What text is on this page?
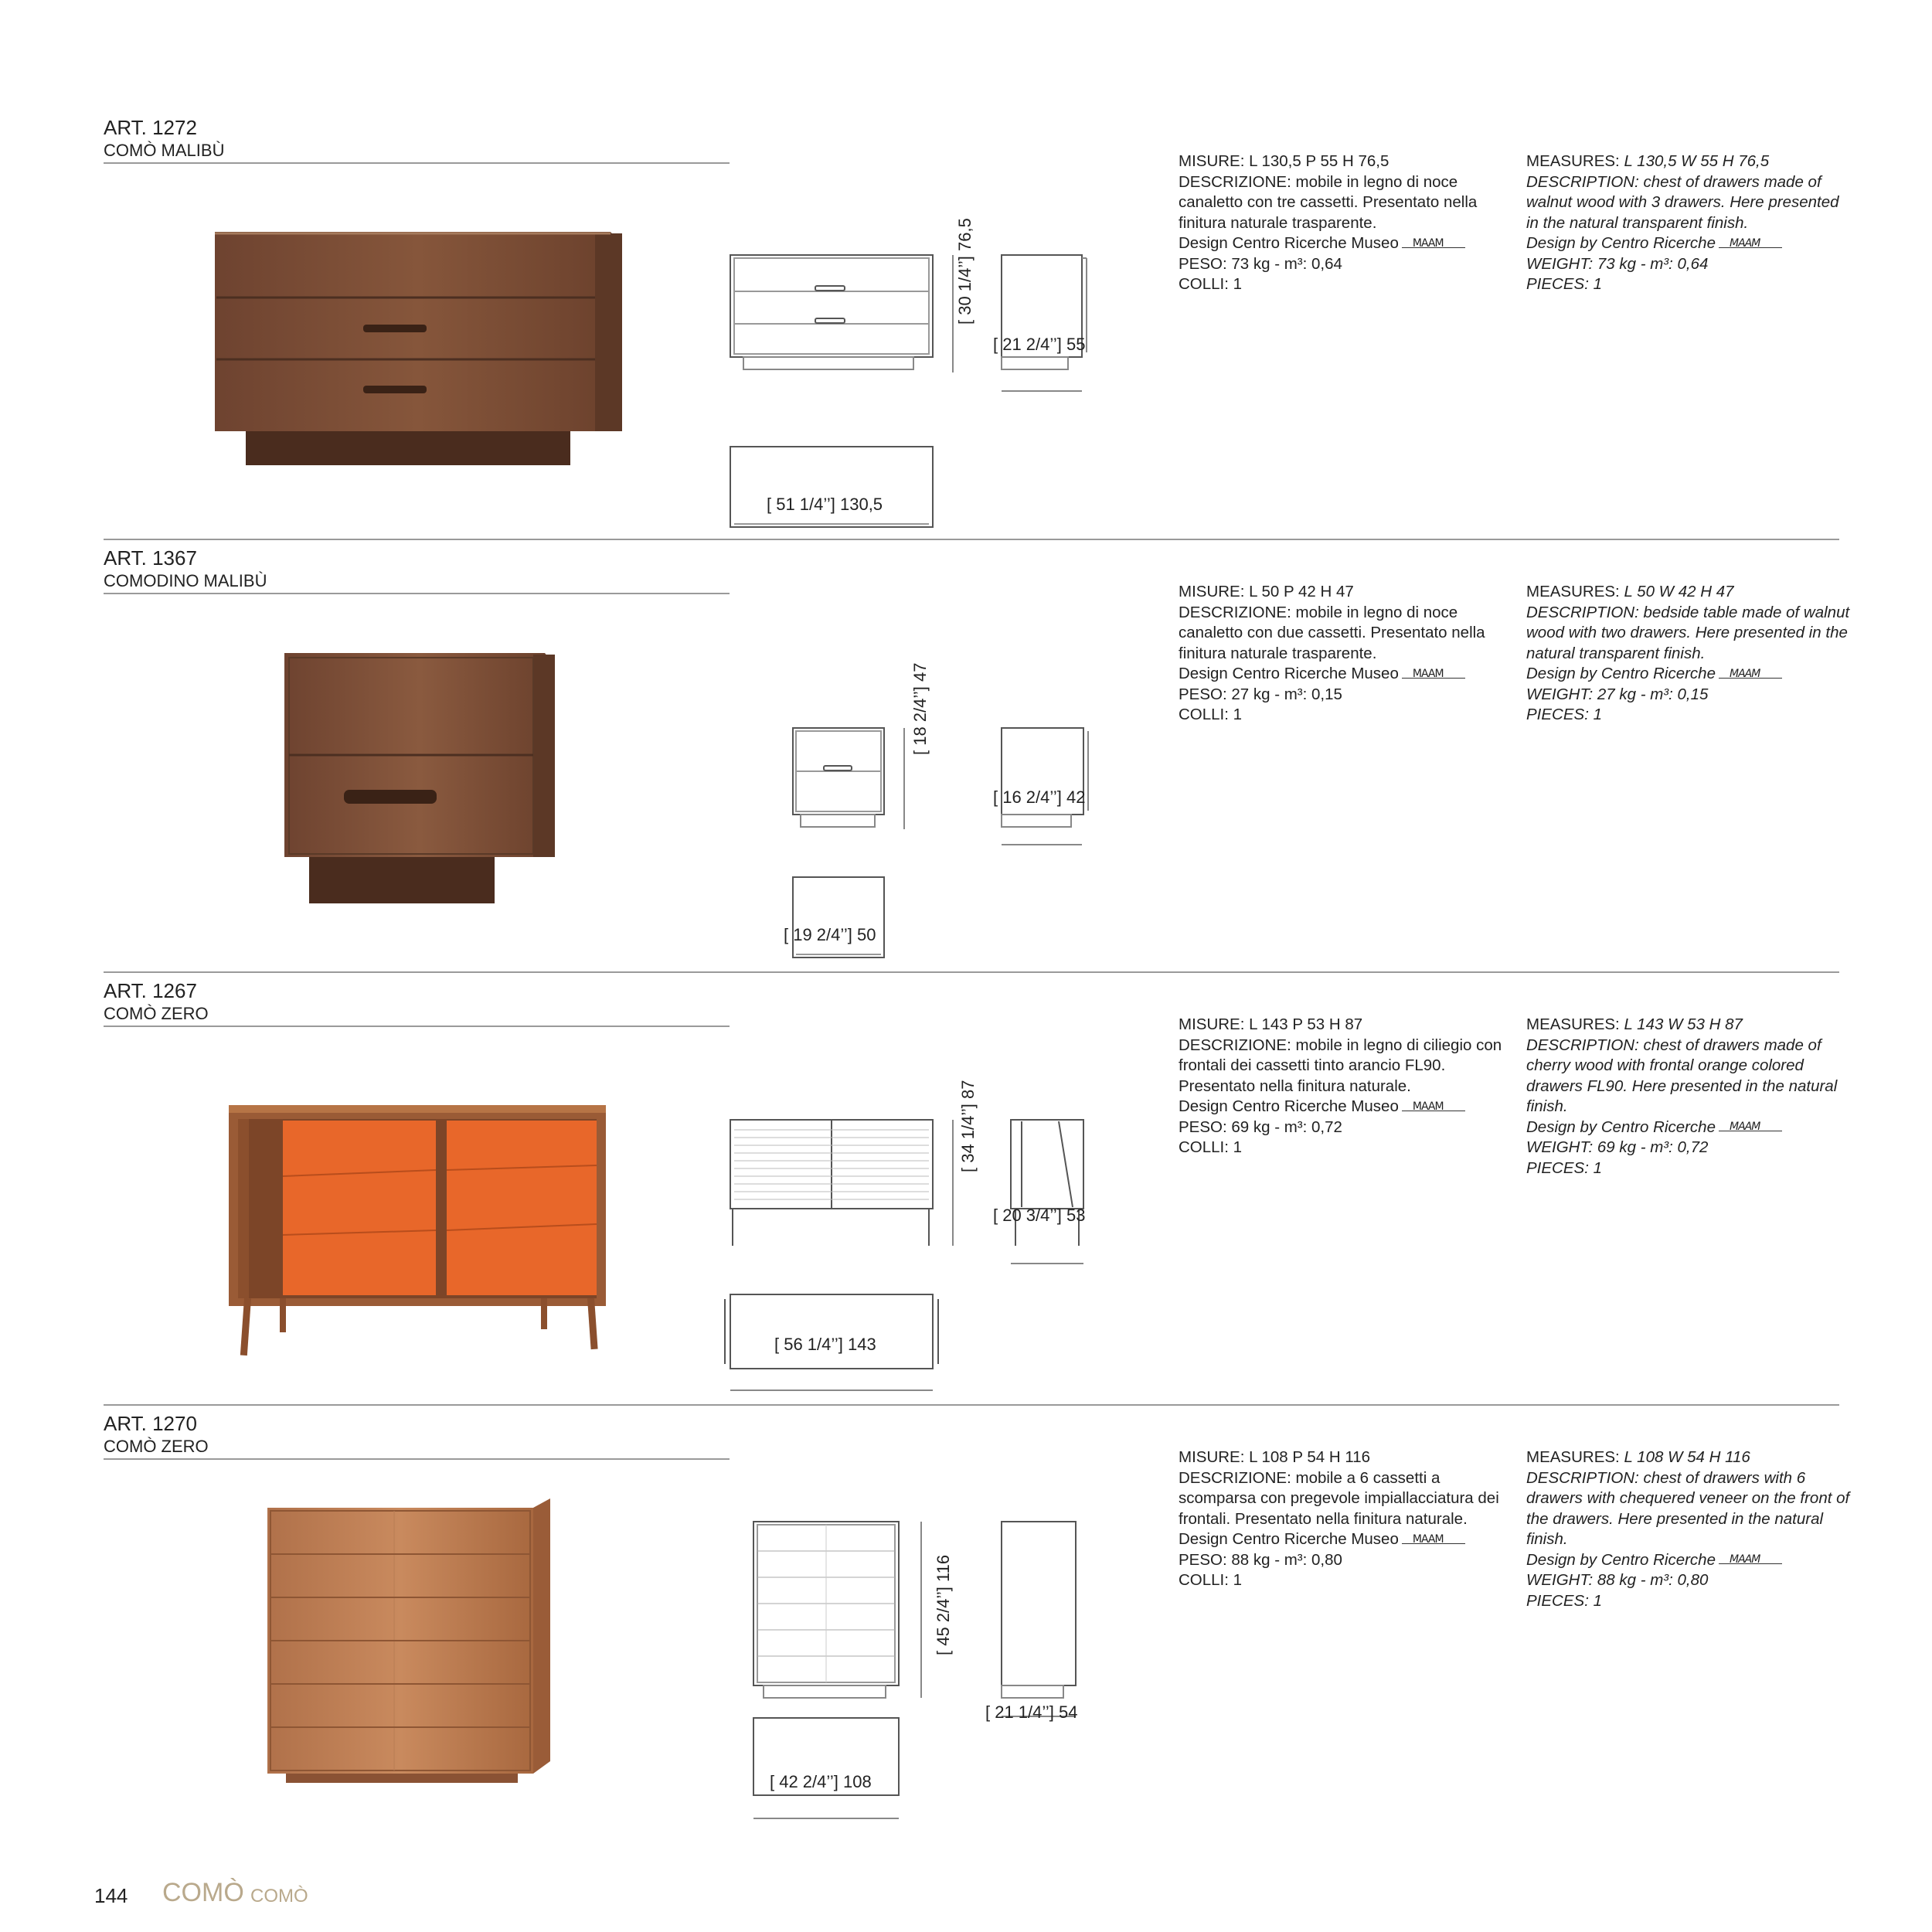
ART. 1272
COMÒ MALIBÙ
[ 30 1/4’’] 76,5
[ 21 2/4’’] 55
[ 51 1/4’’] 130,5

MISURE: L 130,5 P 55 H 76,5

DESCRIZIONE: mobile in legno di noce canaletto con tre cassetti. Presentato nella finitura naturale trasparente.

Design Centro Ricerche Museo MAAM

PESO: 73 kg - m³: 0,64

COLLI: 1

MEASURES: L 130,5 W 55 H 76,5

DESCRIPTION: chest of drawers made of walnut wood with 3 drawers. Here presented in the natural transparent finish.

Design by Centro Ricerche MAAM

WEIGHT: 73 kg - m³: 0,64

PIECES: 1

ART. 1367
COMODINO MALIBÙ
[ 18 2/4’’] 47
[ 16 2/4’’] 42
[ 19 2/4’’] 50

MISURE: L 50 P 42 H 47

DESCRIZIONE: mobile in legno di noce canaletto con due cassetti. Presentato nella finitura naturale trasparente.

Design Centro Ricerche Museo MAAM

PESO: 27 kg - m³: 0,15

COLLI: 1

MEASURES: L 50 W 42 H 47

DESCRIPTION: bedside table made of walnut wood with two drawers. Here presented in the natural transparent finish.

Design by Centro Ricerche MAAM

WEIGHT: 27 kg - m³: 0,15

PIECES: 1

ART. 1267
COMÒ ZERO
[ 34 1/4’’] 87
[ 20 3/4’’] 53
[ 56 1/4’’] 143

MISURE: L 143 P 53 H 87

DESCRIZIONE: mobile in legno di ciliegio con frontali dei cassetti tinto arancio FL90. Presentato nella finitura naturale.

Design Centro Ricerche Museo MAAM

PESO: 69 kg - m³: 0,72

COLLI: 1

MEASURES: L 143 W 53 H 87

DESCRIPTION: chest of drawers made of cherry wood with frontal orange colored drawers FL90. Here presented in the natural finish.

Design by Centro Ricerche MAAM

WEIGHT: 69 kg - m³: 0,72

PIECES: 1

ART. 1270
COMÒ ZERO
[ 45 2/4’’] 116
[ 21 1/4’’] 54
[ 42 2/4’’] 108

MISURE: L 108 P 54 H 116

DESCRIZIONE: mobile a 6 cassetti a scomparsa con pregevole impiallacciatura dei frontali. Presentato nella finitura naturale.

Design Centro Ricerche Museo MAAM

PESO: 88 kg - m³: 0,80

COLLI: 1

MEASURES: L 108 W 54 H 116

DESCRIPTION: chest of drawers with 6 drawers with chequered veneer on the front of the drawers. Here presented in the natural finish.

Design by Centro Ricerche MAAM

WEIGHT: 88 kg - m³: 0,80

PIECES: 1

144 COMÒ COMÒ
